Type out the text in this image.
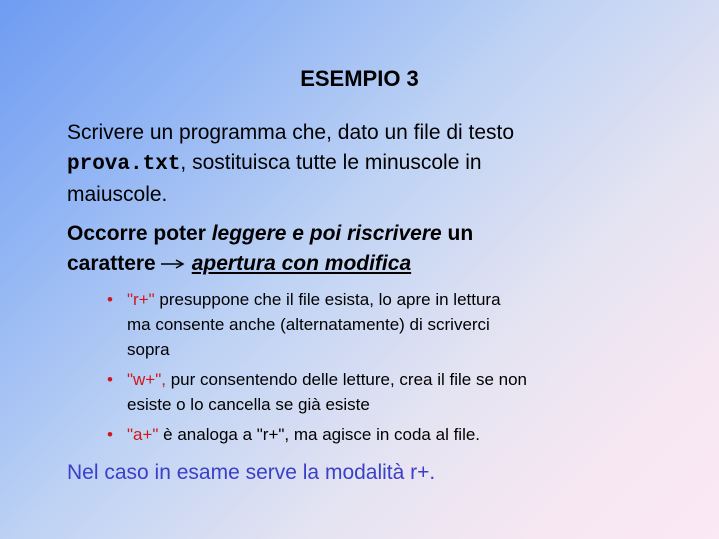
ESEMPIO 3
Scrivere un programma che, dato un file di testo
prova.txt, sostituisca tutte le minuscole in
maiuscole.
Occorre poter leggere e poi riscrivere un
carattere apertura con modifica
• "r+" presuppone che il file esista, lo apre in lettura
ma consente anche (alternatamente) di scriverci
sopra
• "w+", pur consentendo delle letture, crea il file se non
esiste o lo cancella se già esiste
• "a+" è analoga a "r+", ma agisce in coda al file.
Nel caso in esame serve la modalità r+.
